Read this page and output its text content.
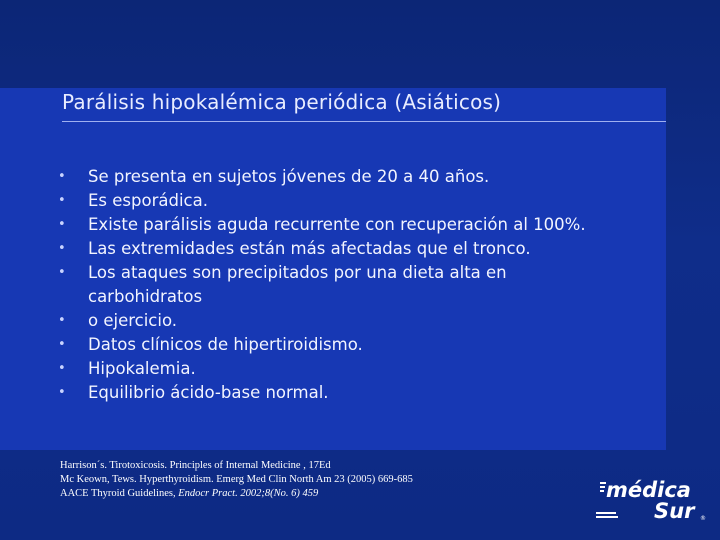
Parálisis hipokalémica periódica (Asiáticos)
• Se presenta en sujetos jóvenes de 20 a 40 años.
• Es esporádica.
• Existe parálisis aguda recurrente con recuperación al 100%.
• Las extremidades están más afectadas que el tronco.
• Los ataques son precipitados por una dieta alta en
carbohidratos
• o ejercicio.
• Datos clínicos de hipertiroidismo.
• Hipokalemia.
• Equilibrio ácido-base normal.
Harrison´s. Tirotoxicosis. Principles of Internal Medicine , 17Ed
Mc Keown, Tews. Hyperthyroidism. Emerg Med Clin North Am 23 (2005) 669-685
AACE Thyroid Guidelines, Endocr Pract. 2002;8(No. 6) 459	médica
Sur ®
